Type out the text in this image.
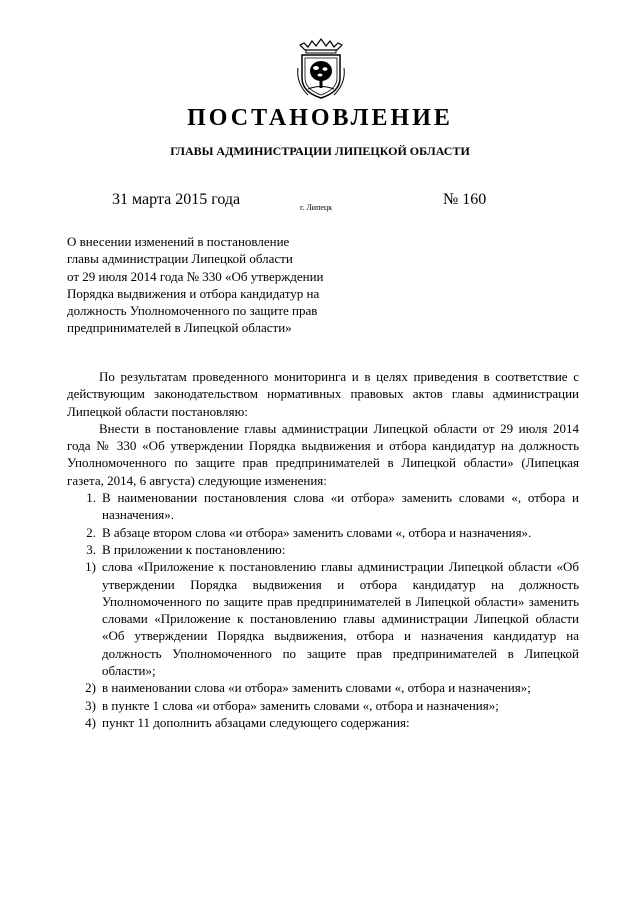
ПОСТАНОВЛЕНИЕ
ГЛАВЫ АДМИНИСТРАЦИИ ЛИПЕЦКОЙ ОБЛАСТИ
31 марта 2015 года	г. Липецк	№ 160
О внесении изменений в постановление
главы администрации Липецкой области
от 29 июля 2014 года № 330 «Об утверждении
Порядка выдвижения и отбора кандидатур на
должность Уполномоченного по защите прав
предпринимателей в Липецкой области»

По результатам проведенного мониторинга и в целях приведения в соответствие с действующим законодательством нормативных правовых актов главы администрации Липецкой области постановляю:

Внести в постановление главы администрации Липецкой области от 29 июля 2014 года № 330 «Об утверждении Порядка выдвижения и отбора кандидатур на должность Уполномоченного по защите прав предпринимателей в Липецкой области» (Липецкая газета, 2014, 6 августа) следующие изменения:

1. В наименовании постановления слова «и отбора» заменить словами «, отбора и назначения».
2. В абзаце втором слова «и отбора» заменить словами «, отбора и назначения».
3. В приложении к постановлению:
1) слова «Приложение к постановлению главы администрации Липецкой области «Об утверждении Порядка выдвижения и отбора кандидатур на должность Уполномоченного по защите прав предпринимателей в Липецкой области» заменить словами «Приложение к постановлению главы администрации Липецкой области «Об утверждении Порядка выдвижения, отбора и назначения кандидатур на должность Уполномоченного по защите прав предпринимателей в Липецкой области»;
2) в наименовании слова «и отбора» заменить словами «, отбора и назначения»;
3) в пункте 1 слова «и отбора» заменить словами «, отбора и назначения»;
4) пункт 11 дополнить абзацами следующего содержания:
